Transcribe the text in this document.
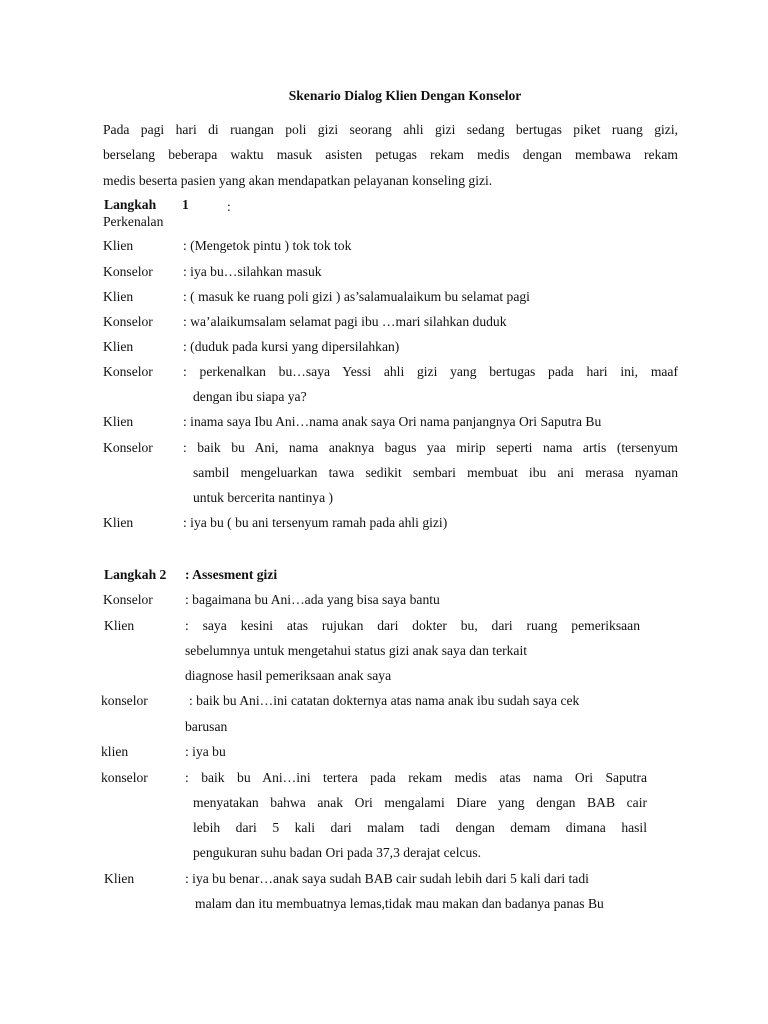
Skenario Dialog Klien Dengan Konselor
Pada pagi hari di ruangan poli gizi seorang ahli gizi sedang bertugas piket ruang gizi,
berselang beberapa waktu masuk asisten petugas rekam medis dengan membawa rekam
medis beserta pasien yang akan mendapatkan pelayanan konseling gizi.
Langkah 1	:
Perkenalan
Klien	: (Mengetok pintu ) tok tok tok
Konselor : iya bu…silahkan masuk
Klien	: ( masuk ke ruang poli gizi ) as’salamualaikum bu selamat pagi
Konselor : wa’alaikumsalam selamat pagi ibu …mari silahkan duduk
Klien	: (duduk pada kursi yang dipersilahkan)
Konselor : perkenalkan bu…saya Yessi ahli gizi yang bertugas pada hari ini, maaf
dengan ibu siapa ya?
Klien	: inama saya Ibu Ani…nama anak saya Ori nama panjangnya Ori Saputra Bu
Konselor : baik bu Ani, nama anaknya bagus yaa mirip seperti nama artis (tersenyum
sambil mengeluarkan tawa sedikit sembari membuat ibu ani merasa nyaman
untuk bercerita nantinya )
Klien	: iya bu ( bu ani tersenyum ramah pada ahli gizi)
Langkah 2 : Assesment gizi
Konselor : bagaimana bu Ani…ada yang bisa saya bantu
Klien	: saya kesini atas rujukan dari dokter bu, dari ruang pemeriksaan
sebelumnya untuk mengetahui status gizi anak saya dan terkait
diagnose hasil pemeriksaan anak saya
konselor	: baik bu Ani…ini catatan dokternya atas nama anak ibu sudah saya cek
barusan
klien	: iya bu
konselor	: baik bu Ani…ini tertera pada rekam medis atas nama Ori Saputra
menyatakan bahwa anak Ori mengalami Diare yang dengan BAB cair
lebih dari 5 kali dari malam tadi dengan demam dimana hasil
pengukuran suhu badan Ori pada 37,3 derajat celcus.
Klien	: iya bu benar…anak saya sudah BAB cair sudah lebih dari 5 kali dari tadi
malam dan itu membuatnya lemas,tidak mau makan dan badanya panas Bu
